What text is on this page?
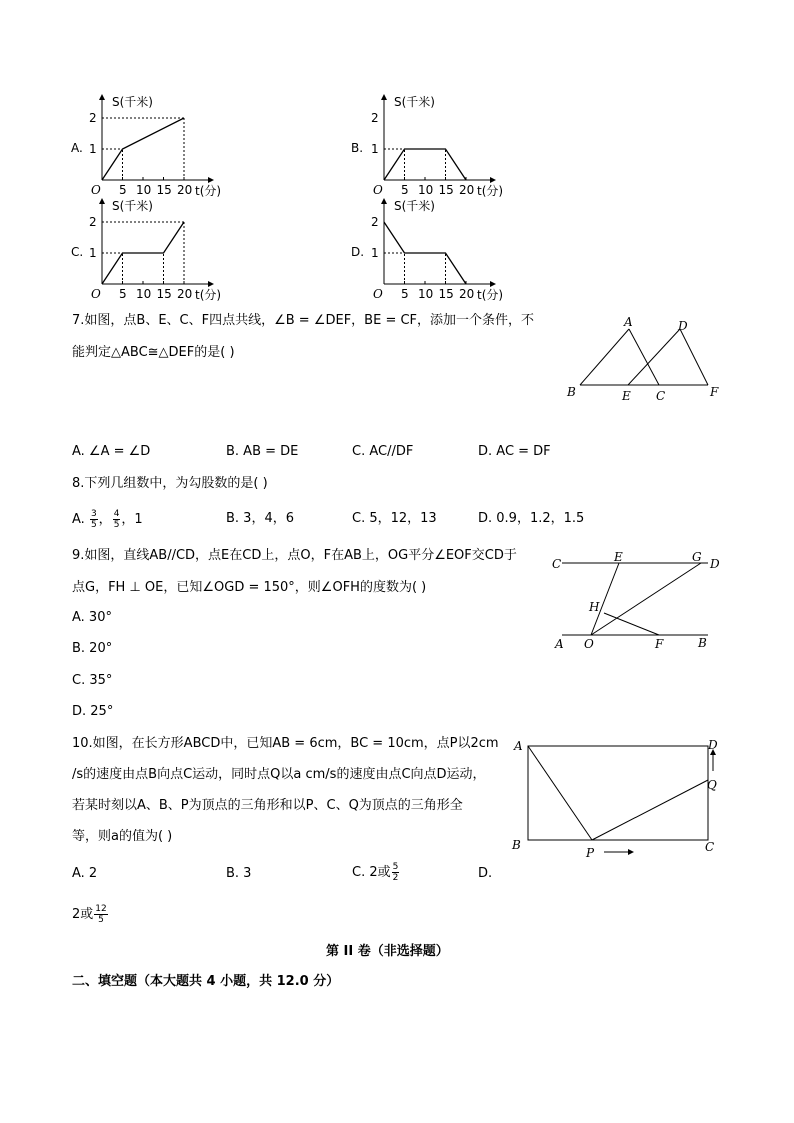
A.
S(千米)
t(分)
O
1
2
5 10 15 20
B.
S(千米)
t(分)
O
1
2
5 10 15 20
C.
S(千米)
t(分)
O
1
2
5 10 15 20
D.
S(千米)
t(分)
O
1
2
5 10 15 20
7.如图，点B、E、C、F四点共线，∠B = ∠DEF，BE = CF，添加一个条件，不
能判定△ABC≅△DEF的是( )
A	D
B	E C	F
A. ∠A = ∠D	B. AB = DE	C. AC//DF	D. AC = DF
8.下列几组数中，为勾股数的是( )
A. $\frac{3}{5}$ ， $\frac{4}{5}$ ，1	B. 3，4，6	C. 5，12，13	D. 0.9，1.2，1.5
9.如图，直线AB//CD，点E在CD上，点O，F在AB上，OG平分∠EOF交CD于
点G，FH ⊥ OE，已知∠OGD = 150°，则∠OFH的度数为( )
C	E	G D
H
A O	F	B
A. 30°
B. 20°
C. 35°
D. 25°
10.如图，在长方形ABCD中，已知AB = 6cm，BC = 10cm，点P以2cm
/s的速度由点B向点C运动，同时点Q以a cm/s的速度由点C向点D运动，
若某时刻以A、B、P为顶点的三角形和以P、C、Q为顶点的三角形全
等，则a的值为( )
A	D
Q
B
P	C
A. 2	B. 3	C. 2或 $\frac{5}{2}$	D.
2或 $\frac{12}{5}$
第 II 卷（非选择题）
二、填空题（本大题共 4 小题，共 12.0 分）
